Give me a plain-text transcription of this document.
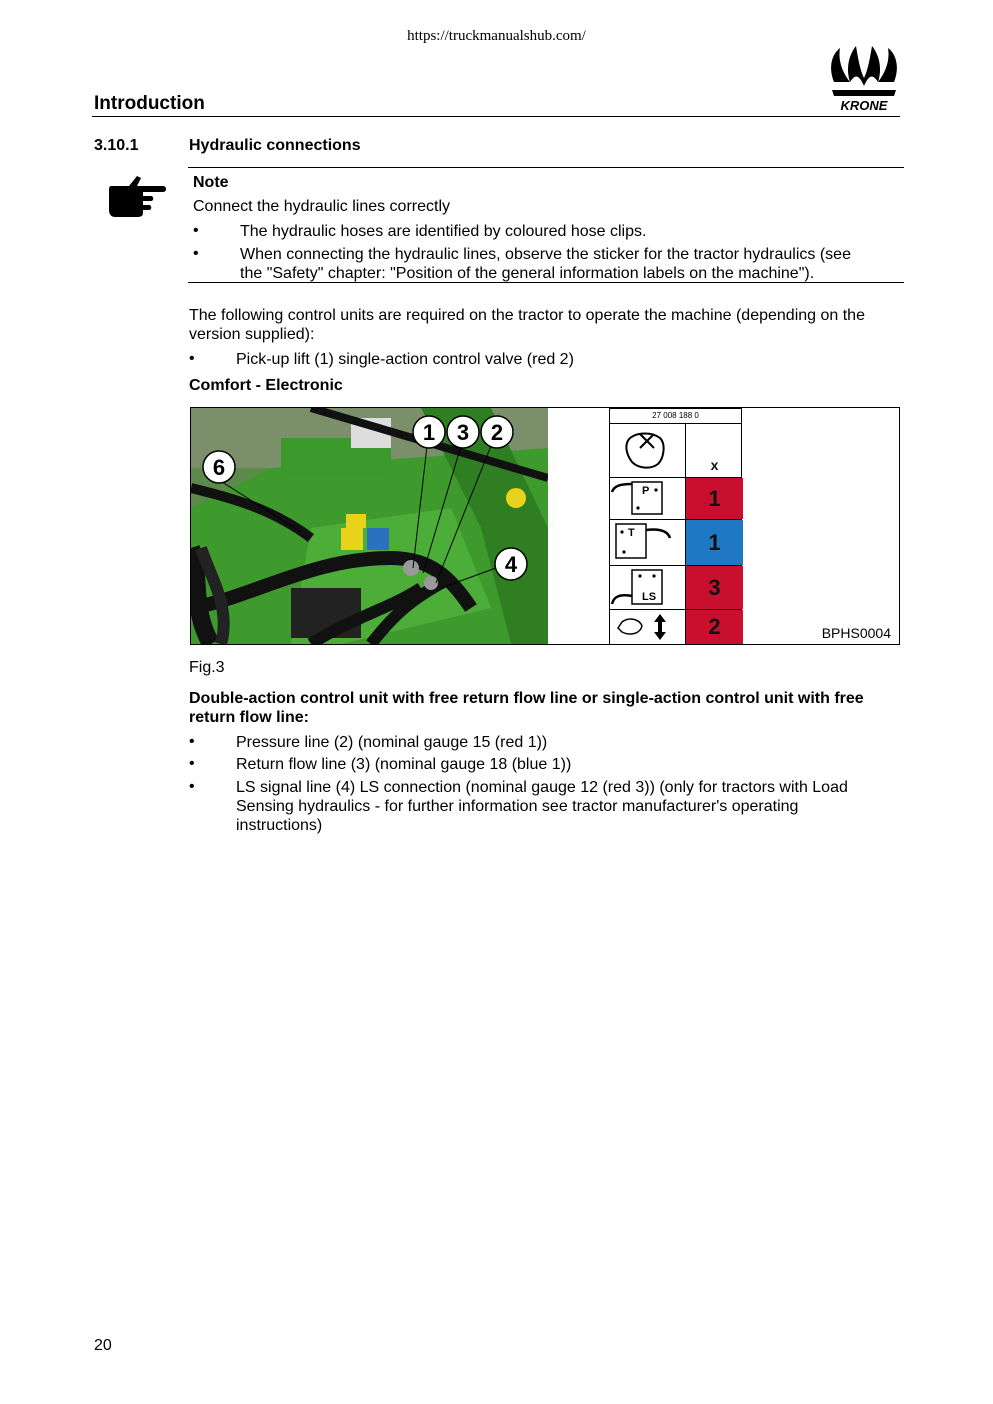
https://truckmanualshub.com/
Introduction	KRONE
3.10.1	Hydraulic connections
Note
Connect the hydraulic lines correctly
•	The hydraulic hoses are identified by coloured hose clips.
•	When connecting the hydraulic lines, observe the sticker for the tractor hydraulics (see
the "Safety" chapter: "Position of the general information labels on the machine").
The following control units are required on the tractor to operate the machine (depending on the
version supplied):
•	Pick-up lift (1) single-action control valve (red 2)
Comfort - Electronic
1 3 2
6
4
27 008 188 0
x
P	1
T	1
LS	3
2	BPHS0004
Fig.3
Double-action control unit with free return flow line or single-action control unit with free
return flow line:
•	Pressure line (2) (nominal gauge 15 (red 1))
•	Return flow line (3) (nominal gauge 18 (blue 1))
•	LS signal line (4) LS connection (nominal gauge 12 (red 3)) (only for tractors with Load
Sensing hydraulics - for further information see tractor manufacturer's operating
instructions)
20
